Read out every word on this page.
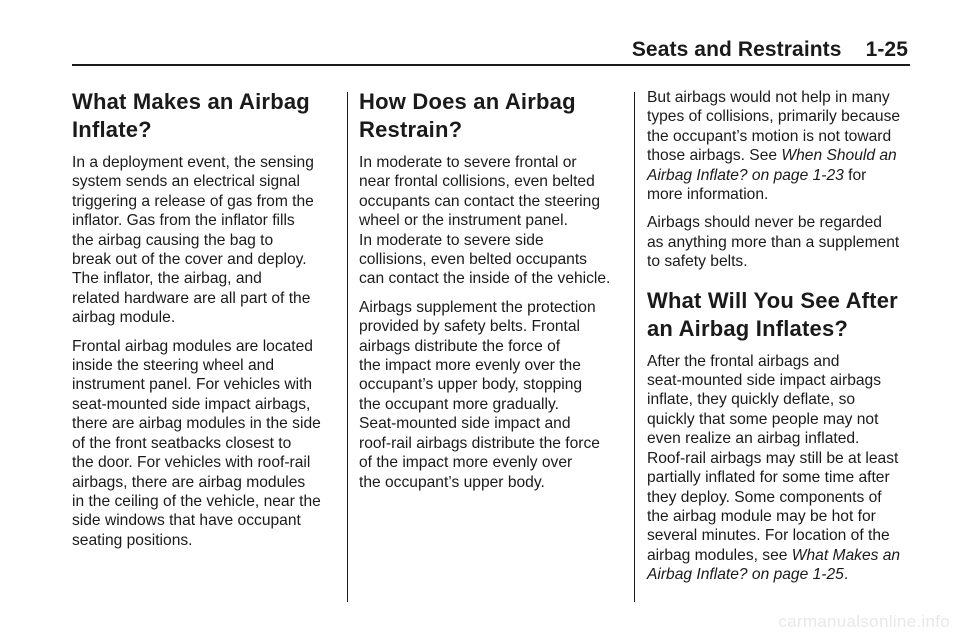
Seats and Restraints 1-25
What Makes an Airbag
Inflate?
In a deployment event, the sensing
system sends an electrical signal
triggering a release of gas from the
inflator. Gas from the inflator fills
the airbag causing the bag to
break out of the cover and deploy.
The inflator, the airbag, and
related hardware are all part of the
airbag module.
Frontal airbag modules are located
inside the steering wheel and
instrument panel. For vehicles with
seat-mounted side impact airbags,
there are airbag modules in the side
of the front seatbacks closest to
the door. For vehicles with roof-rail
airbags, there are airbag modules
in the ceiling of the vehicle, near the
side windows that have occupant
seating positions.
How Does an Airbag
Restrain?
In moderate to severe frontal or
near frontal collisions, even belted
occupants can contact the steering
wheel or the instrument panel.
In moderate to severe side
collisions, even belted occupants
can contact the inside of the vehicle.
Airbags supplement the protection
provided by safety belts. Frontal
airbags distribute the force of
the impact more evenly over the
occupant’s upper body, stopping
the occupant more gradually.
Seat-mounted side impact and
roof-rail airbags distribute the force
of the impact more evenly over
the occupant’s upper body.
But airbags would not help in many
types of collisions, primarily because
the occupant’s motion is not toward
those airbags. See When Should an
Airbag Inflate? on page 1-23 for
more information.
Airbags should never be regarded
as anything more than a supplement
to safety belts.
What Will You See After
an Airbag Inflates?
After the frontal airbags and
seat-mounted side impact airbags
inflate, they quickly deflate, so
quickly that some people may not
even realize an airbag inflated.
Roof-rail airbags may still be at least
partially inflated for some time after
they deploy. Some components of
the airbag module may be hot for
several minutes. For location of the
airbag modules, see What Makes an
Airbag Inflate? on page 1-25.
carmanualsonline.info
